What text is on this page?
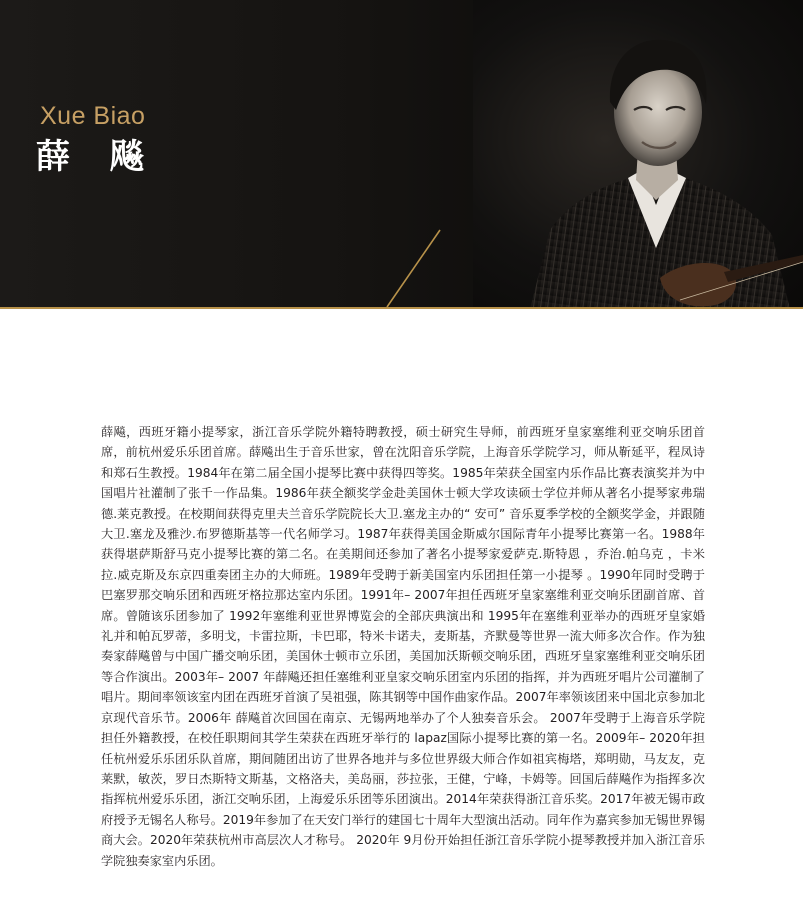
Xue Biao
薛 飚

薛飚，西班牙籍小提琴家，浙江音乐学院外籍特聘教授，硕士研究生导师，前西班牙皇家塞维利亚交响乐团首席，前杭州爱乐乐团首席。薛飚出生于音乐世家，曾在沈阳音乐学院，上海音乐学院学习，师从靳延平，程凤诗和郑石生教授。1984年在第二届全国小提琴比赛中获得四等奖。1985年荣获全国室内乐作品比赛表演奖并为中国唱片社灌制了张千一作品集。1986年获全额奖学金赴美国休士顿大学攻读硕士学位并师从著名小提琴家弗瑞德.莱克教授。在校期间获得克里夫兰音乐学院院长大卫.塞龙主办的“ 安可” 音乐夏季学校的全额奖学金，并跟随大卫.塞龙及雅沙.布罗德斯基等一代名师学习。1987年获得美国金斯威尔国际青年小提琴比赛第一名。1988年获得堪萨斯舒马克小提琴比赛的第二名。在美期间还参加了著名小提琴家爱萨克.斯特恩 ，乔治.帕乌克 ，卡米拉.威克斯及东京四重奏团主办的大师班。1989年受聘于新美国室内乐团担任第一小提琴 。1990年同时受聘于巴塞罗那交响乐团和西班牙格拉那达室内乐团。1991年– 2007年担任西班牙皇家塞维利亚交响乐团副首席、首席。曾随该乐团参加了 1992年塞维利亚世界博览会的全部庆典演出和 1995年在塞维利亚举办的西班牙皇家婚礼并和帕瓦罗蒂，多明戈，卡雷拉斯，卡巴耶，特米卡诺夫，麦斯基，齐默曼等世界一流大师多次合作。作为独奏家薛飚曾与中国广播交响乐团，美国休士顿市立乐团，美国加沃斯顿交响乐团，西班牙皇家塞维利亚交响乐团等合作演出。2003年– 2007 年薛飚还担任塞维利亚皇家交响乐团室内乐团的指挥，并为西班牙唱片公司灌制了唱片。期间率领该室内团在西班牙首演了吴祖强，陈其钢等中国作曲家作品。2007年率领该团来中国北京参加北京现代音乐节。2006年 薛飚首次回国在南京、无锡两地举办了个人独奏音乐会。 2007年受聘于上海音乐学院担任外籍教授，在校任职期间其学生荣获在西班牙举行的 lapaz国际小提琴比赛的第一名。2009年– 2020年担任杭州爱乐乐团乐队首席，期间随团出访了世界各地并与多位世界级大师合作如祖宾梅塔，郑明勋，马友友，克莱默，敏茨，罗日杰斯特文斯基，文格洛夫，美岛丽，莎拉张，王健，宁峰，卡姆等。回国后薛飚作为指挥多次指挥杭州爱乐乐团，浙江交响乐团，上海爱乐乐团等乐团演出。2014年荣获得浙江音乐奖。2017年被无锡市政府授予无锡名人称号。2019年参加了在天安门举行的建国七十周年大型演出活动。同年作为嘉宾参加无锡世界锡商大会。2020年荣获杭州市高层次人才称号。 2020年 9月份开始担任浙江音乐学院小提琴教授并加入浙江音乐学院独奏家室内乐团。
